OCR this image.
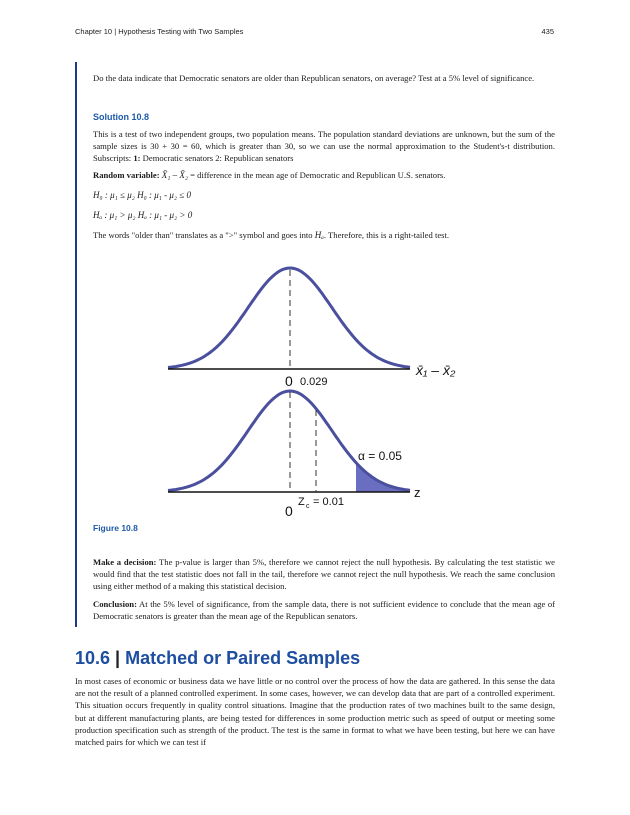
Chapter 10 | Hypothesis Testing with Two Samples	435

Do the data indicate that Democratic senators are older than Republican senators, on average? Test at a 5% level of significance.

Solution 10.8

This is a test of two independent groups, two population means. The population standard deviations are unknown, but the sum of the sample sizes is 30 + 30 = 60, which is greater than 30, so we can use the normal approximation to the Student's-t distribution. Subscripts: 1: Democratic senators 2: Republican senators

Random variable: X̄₁ – X̄₂ = difference in the mean age of Democratic and Republican U.S. senators.

H₀ : μ₁ ≤ μ₂ H₀ : μ₁ - μ₂ ≤ 0

Hₐ : μ₁ > μ₂ Hₐ : μ₁ - μ₂ > 0

The words "older than" translates as a ">" symbol and goes into Hₐ. Therefore, this is a right-tailed test.

0 0.029
x̄₁ – x̄₂
α = 0.05
z
0
Z c = 0.01
Figure 10.8

Make a decision: The p-value is larger than 5%, therefore we cannot reject the null hypothesis. By calculating the test statistic we would find that the test statistic does not fall in the tail, therefore we cannot reject the null hypothesis. We reach the same conclusion using either method of a making this statistical decision.

Conclusion: At the 5% level of significance, from the sample data, there is not sufficient evidence to conclude that the mean age of Democratic senators is greater than the mean age of the Republican senators.

10.6 | Matched or Paired Samples

In most cases of economic or business data we have little or no control over the process of how the data are gathered. In this sense the data are not the result of a planned controlled experiment. In some cases, however, we can develop data that are part of a controlled experiment. This situation occurs frequently in quality control situations. Imagine that the production rates of two machines built to the same design, but at different manufacturing plants, are being tested for differences in some production metric such as speed of output or meeting some production specification such as strength of the product. The test is the same in format to what we have been testing, but here we can have matched pairs for which we can test if
